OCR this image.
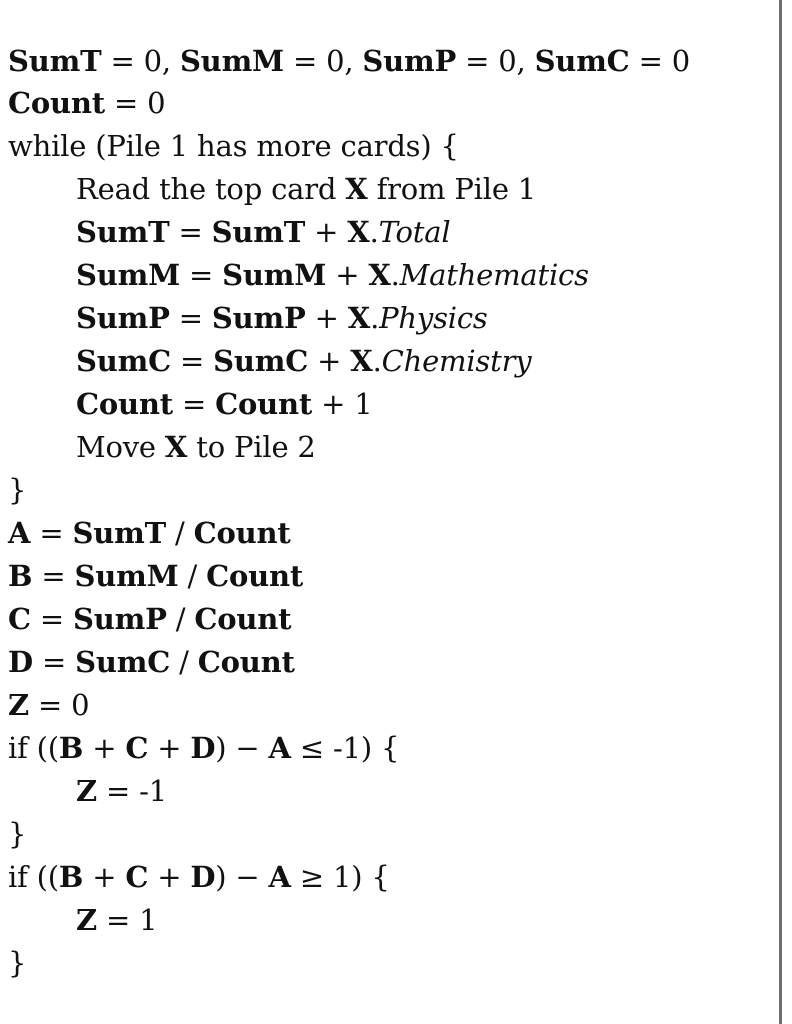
SumT = 0, SumM = 0, SumP = 0, SumC = 0
Count = 0
while (Pile 1 has more cards) {
Read the top card X from Pile 1
SumT = SumT + X.Total
SumM = SumM + X.Mathematics
SumP = SumP + X.Physics
SumC = SumC + X.Chemistry
Count = Count + 1
Move X to Pile 2
}
A = SumT / Count
B = SumM / Count
C = SumP / Count
D = SumC / Count
Z = 0
if ((B + C + D) − A ≤ -1) {
Z = -1
}
if ((B + C + D) − A ≥ 1) {
Z = 1
}
